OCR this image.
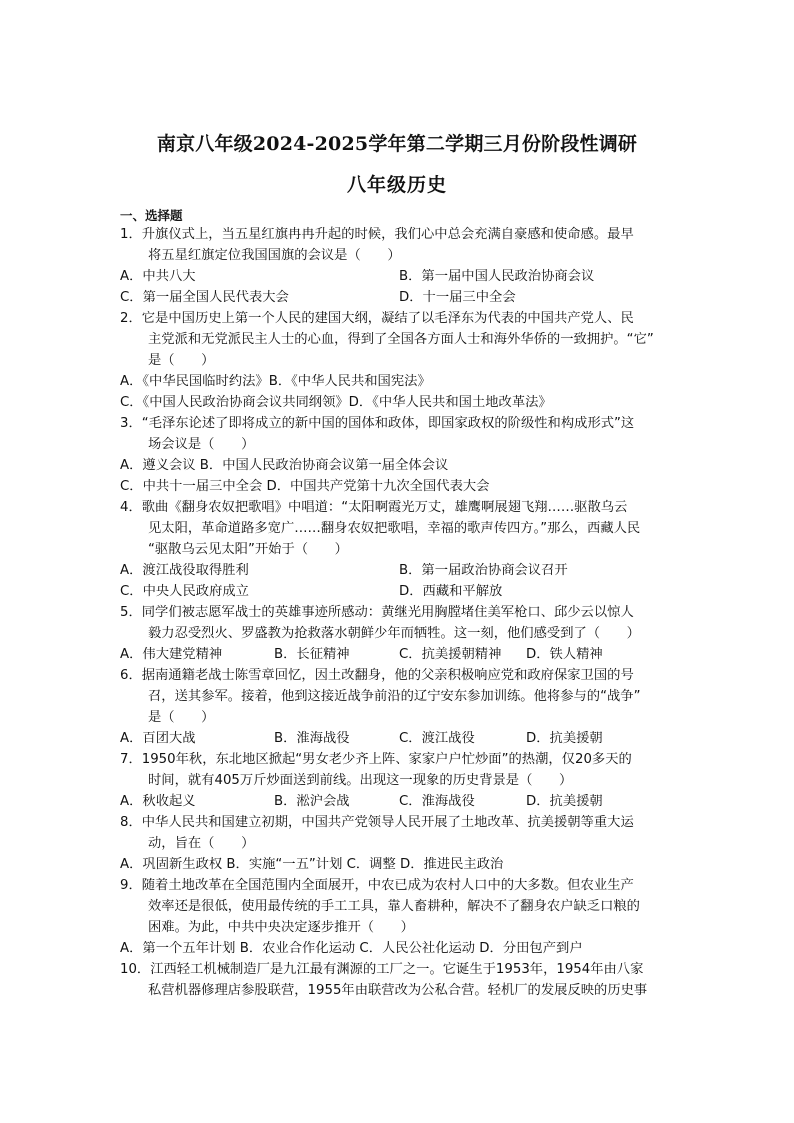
南京八年级2024-2025学年第二学期三月份阶段性调研
八年级历史
一、选择题
1．升旗仪式上，当五星红旗冉冉升起的时候，我们心中总会充满自豪感和使命感。最早
将五星红旗定位我国国旗的会议是（　　）
A．中共八大	B．第一届中国人民政治协商会议
C．第一届全国人民代表大会	D．十一届三中全会
2．它是中国历史上第一个人民的建国大纲，凝结了以毛泽东为代表的中国共产党人、民
主党派和无党派民主人士的心血，得到了全国各方面人士和海外华侨的一致拥护。“它”
是（　　）
A．《中华民国临时约法》B．《中华人民共和国宪法》
C．《中国人民政治协商会议共同纲领》D．《中华人民共和国土地改革法》
3．“毛泽东论述了即将成立的新中国的国体和政体，即国家政权的阶级性和构成形式”这
场会议是（　　）
A．遵义会议 B．中国人民政治协商会议第一届全体会议
C．中共十一届三中全会 D．中国共产党第十九次全国代表大会
4．歌曲《翻身农奴把歌唱》中唱道：“太阳啊霞光万丈，雄鹰啊展翅飞翔……驱散乌云
见太阳，革命道路多宽广……翻身农奴把歌唱，幸福的歌声传四方。”那么，西藏人民
“驱散乌云见太阳”开始于（　　）
A．渡江战役取得胜利	B．第一届政治协商会议召开
C．中央人民政府成立	D．西藏和平解放
5．同学们被志愿军战士的英雄事迹所感动：黄继光用胸膛堵住美军枪口、邱少云以惊人
毅力忍受烈火、罗盛教为抢救落水朝鲜少年而牺牲。这一刻，他们感受到了（　　）
A．伟大建党精神	B．长征精神	C．抗美援朝精神 D．铁人精神
6．据南通籍老战士陈雪章回忆，因土改翻身，他的父亲积极响应党和政府保家卫国的号
召，送其参军。接着，他到这接近战争前沿的辽宁安东参加训练。他将参与的“战争”
是（　　）
A．百团大战	B．淮海战役	C．渡江战役	D．抗美援朝
7．1950年秋，东北地区掀起“男女老少齐上阵、家家户户忙炒面”的热潮，仅20多天的
时间，就有405万斤炒面送到前线。出现这一现象的历史背景是（　　）
A．秋收起义	B．淞沪会战	C．淮海战役	D．抗美援朝
8．中华人民共和国建立初期，中国共产党领导人民开展了土地改革、抗美援朝等重大运
动，旨在（　　）
A．巩固新生政权 B．实施“一五”计划 C．调整 D．推进民主政治
9．随着土地改革在全国范围内全面展开，中农已成为农村人口中的大多数。但农业生产
效率还是很低，使用最传统的手工工具，靠人畜耕种，解决不了翻身农户缺乏口粮的
困难。为此，中共中央决定逐步推开（　　）
A．第一个五年计划 B．农业合作化运动 C．人民公社化运动 D．分田包产到户
10．江西轻工机械制造厂是九江最有渊源的工厂之一。它诞生于1953年，1954年由八家
私营机器修理店参股联营，1955年由联营改为公私合营。轻机厂的发展反映的历史事
